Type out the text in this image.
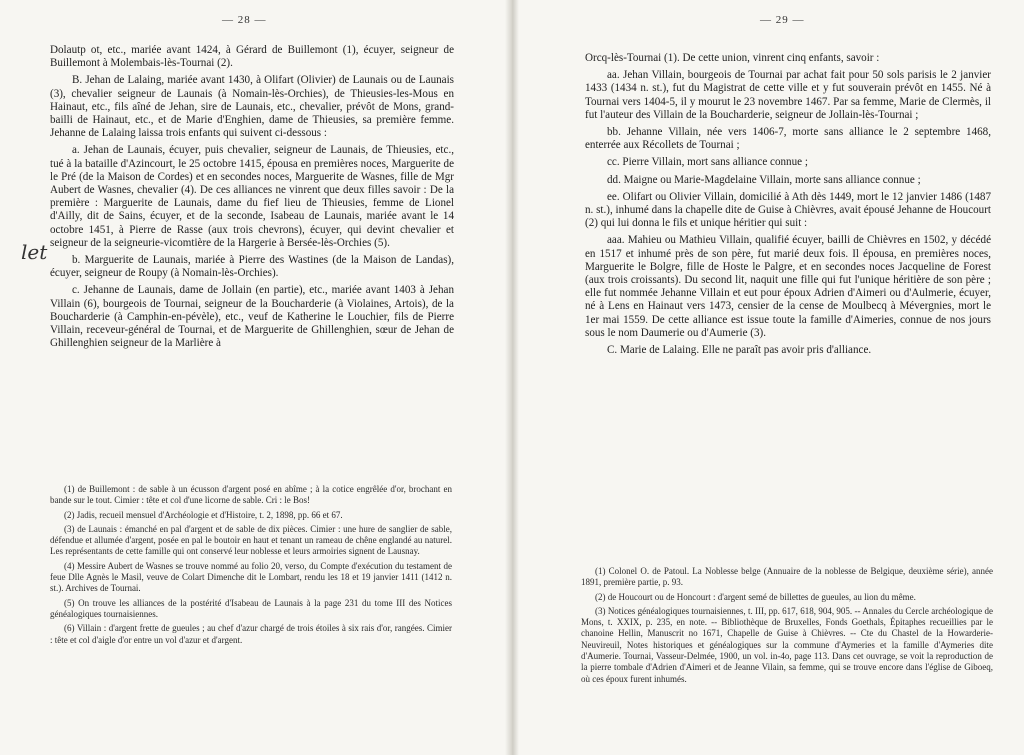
— 28 —
let

Dolautp ot, etc., mariée avant 1424, à Gérard de Buillemont (1), écuyer, seigneur de Buillemont à Molembais-lès-Tournai (2).

B. Jehan de Lalaing, mariée avant 1430, à Olifart (Olivier) de Launais ou de Launais (3), chevalier seigneur de Launais (à Nomain-lès-Orchies), de Thieusies-les-Mous en Hainaut, etc., fils aîné de Jehan, sire de Launais, etc., chevalier, prévôt de Mons, grand-bailli de Hainaut, etc., et de Marie d'Enghien, dame de Thieusies, sa première femme. Jehanne de Lalaing laissa trois enfants qui suivent ci-dessous :

a. Jehan de Launais, écuyer, puis chevalier, seigneur de Launais, de Thieusies, etc., tué à la bataille d'Azincourt, le 25 octobre 1415, épousa en premières noces, Marguerite de le Pré (de la Maison de Cordes) et en secondes noces, Marguerite de Wasnes, fille de Mgr Aubert de Wasnes, chevalier (4). De ces alliances ne vinrent que deux filles savoir : De la première : Marguerite de Launais, dame du fief lieu de Thieusies, femme de Lionel d'Ailly, dit de Sains, écuyer, et de la seconde, Isabeau de Launais, mariée avant le 14 octobre 1451, à Pierre de Rasse (aux trois chevrons), écuyer, qui devint chevalier et seigneur de la seigneurie-vicomtière de la Hargerie à Bersée-lès-Orchies (5).

b. Marguerite de Launais, mariée à Pierre des Wastines (de la Maison de Landas), écuyer, seigneur de Roupy (à Nomain-lès-Orchies).

c. Jehanne de Launais, dame de Jollain (en partie), etc., mariée avant 1403 à Jehan Villain (6), bourgeois de Tournai, seigneur de la Boucharderie (à Violaines, Artois), de la Boucharderie (à Camphin-en-pévèle), etc., veuf de Katherine le Louchier, fils de Pierre Villain, receveur-général de Tournai, et de Marguerite de Ghillenghien, sœur de Jehan de Ghillenghien seigneur de la Marlière à

(1) de Buillemont : de sable à un écusson d'argent posé en abîme ; à la cotice engrêlée d'or, brochant en bande sur le tout. Cimier : tête et col d'une licorne de sable. Cri : le Bos!

(2) Jadis, recueil mensuel d'Archéologie et d'Histoire, t. 2, 1898, pp. 66 et 67.

(3) de Launais : émanché en pal d'argent et de sable de dix pièces. Cimier : une hure de sanglier de sable, défendue et allumée d'argent, posée en pal le boutoir en haut et tenant un rameau de chêne englandé au naturel. Les représentants de cette famille qui ont conservé leur noblesse et leurs armoiries signent de Lausnay.

(4) Messire Aubert de Wasnes se trouve nommé au folio 20, verso, du Compte d'exécution du testament de feue Dlle Agnès le Masil, veuve de Colart Dimenche dit le Lombart, rendu les 18 et 19 janvier 1411 (1412 n. st.). Archives de Tournai.

(5) On trouve les alliances de la postérité d'Isabeau de Launais à la page 231 du tome III des Notices généalogiques tournaisiennes.

(6) Villain : d'argent frette de gueules ; au chef d'azur chargé de trois étoiles à six rais d'or, rangées. Cimier : tête et col d'aigle d'or entre un vol d'azur et d'argent.

— 29 —

Orcq-lès-Tournai (1). De cette union, vinrent cinq enfants, savoir :

aa. Jehan Villain, bourgeois de Tournai par achat fait pour 50 sols parisis le 2 janvier 1433 (1434 n. st.), fut du Magistrat de cette ville et y fut souverain prévôt en 1455. Né à Tournai vers 1404-5, il y mourut le 23 novembre 1467. Par sa femme, Marie de Clermès, il fut l'auteur des Villain de la Boucharderie, seigneur de Jollain-lès-Tournai ;

bb. Jehanne Villain, née vers 1406-7, morte sans alliance le 2 septembre 1468, enterrée aux Récollets de Tournai ;

cc. Pierre Villain, mort sans alliance connue ;

dd. Maigne ou Marie-Magdelaine Villain, morte sans alliance connue ;

ee. Olifart ou Olivier Villain, domicilié à Ath dès 1449, mort le 12 janvier 1486 (1487 n. st.), inhumé dans la chapelle dite de Guise à Chièvres, avait épousé Jehanne de Houcourt (2) qui lui donna le fils et unique héritier qui suit :

aaa. Mahieu ou Mathieu Villain, qualifié écuyer, bailli de Chièvres en 1502, y décédé en 1517 et inhumé près de son père, fut marié deux fois. Il épousa, en premières noces, Marguerite le Bolgre, fille de Hoste le Palgre, et en secondes noces Jacqueline de Forest (aux trois croissants). Du second lit, naquit une fille qui fut l'unique héritière de son père ; elle fut nommée Jehanne Villain et eut pour époux Adrien d'Aimeri ou d'Aulmerie, écuyer, né à Lens en Hainaut vers 1473, censier de la cense de Moulbecq à Mévergnies, mort le 1er mai 1559. De cette alliance est issue toute la famille d'Aimeries, connue de nos jours sous le nom Daumerie ou d'Aumerie (3).

C. Marie de Lalaing. Elle ne paraît pas avoir pris d'alliance.

(1) Colonel O. de Patoul. La Noblesse belge (Annuaire de la noblesse de Belgique, deuxième série), année 1891, première partie, p. 93.

(2) de Houcourt ou de Honcourt : d'argent semé de billettes de gueules, au lion du même.

(3) Notices généalogiques tournaisiennes, t. III, pp. 617, 618, 904, 905. -- Annales du Cercle archéologique de Mons, t. XXIX, p. 235, en note. -- Bibliothèque de Bruxelles, Fonds Goethals, Épitaphes recueillies par le chanoine Hellin, Manuscrit no 1671, Chapelle de Guise à Chièvres. -- Cte du Chastel de la Howarderie-Neuvireuil, Notes historiques et généalogiques sur la commune d'Aymeries et la famille d'Aymeries dite d'Aumerie. Tournai, Vasseur-Delmée, 1900, un vol. in-4o, page 113. Dans cet ouvrage, se voit la reproduction de la pierre tombale d'Adrien d'Aimeri et de Jeanne Vilain, sa femme, qui se trouve encore dans l'église de Giboeq, où ces époux furent inhumés.
